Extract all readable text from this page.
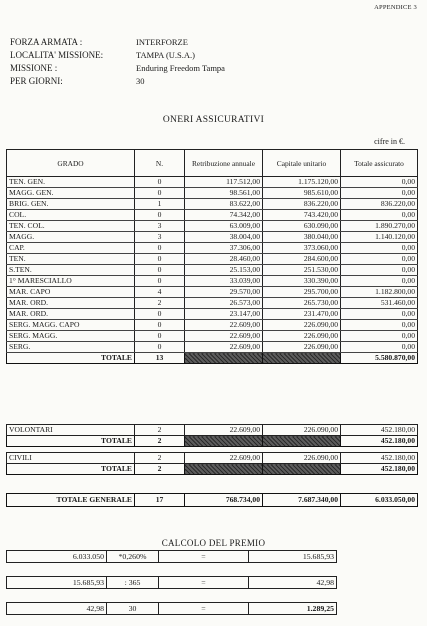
APPENDICE 3
FORZA ARMATA :	INTERFORZE
LOCALITA' MISSIONE:	TAMPA (U.S.A.)
MISSIONE :	Enduring Freedom Tampa
PER GIORNI:	30
ONERI ASSICURATIVI
cifre in €.
GRADO	N.	Retribuzione annuale	Capitale unitario	Totale assicurato
TEN. GEN.	0	117.512,00	1.175.120,00	0,00
MAGG. GEN.	0	98.561,00	985.610,00	0,00
BRIG. GEN.	1	83.622,00	836.220,00	836.220,00
COL.	0	74.342,00	743.420,00	0,00
TEN. COL.	3	63.009,00	630.090,00	1.890.270,00
MAGG.	3	38.004,00	380.040,00	1.140.120,00
CAP.	0	37.306,00	373.060,00	0,00
TEN.	0	28.460,00	284.600,00	0,00
S.TEN.	0	25.153,00	251.530,00	0,00
1° MARESCIALLO	0	33.039,00	330.390,00	0,00
MAR. CAPO	4	29.570,00	295.700,00	1.182.800,00
MAR. ORD.	2	26.573,00	265.730,00	531.460,00
MAR. ORD.	0	23.147,00	231.470,00	0,00
SERG. MAGG. CAPO	0	22.609,00	226.090,00	0,00
SERG. MAGG.	0	22.609,00	226.090,00	0,00
SERG.	0	22.609,00	226.090,00	0,00
TOTALE	13			5.580.870,00
VOLONTARI	2	22.609,00	226.090,00	452.180,00
TOTALE	2			452.180,00
CIVILI	2	22.609,00	226.090,00	452.180,00
TOTALE	2			452.180,00
TOTALE GENERALE	17	768.734,00	7.687.340,00	6.033.050,00
CALCOLO DEL PREMIO
6.033.050	*0,260%	=	15.685,93
15.685,93	: 365	=	42,98
42,98	30	=	1.289,25
